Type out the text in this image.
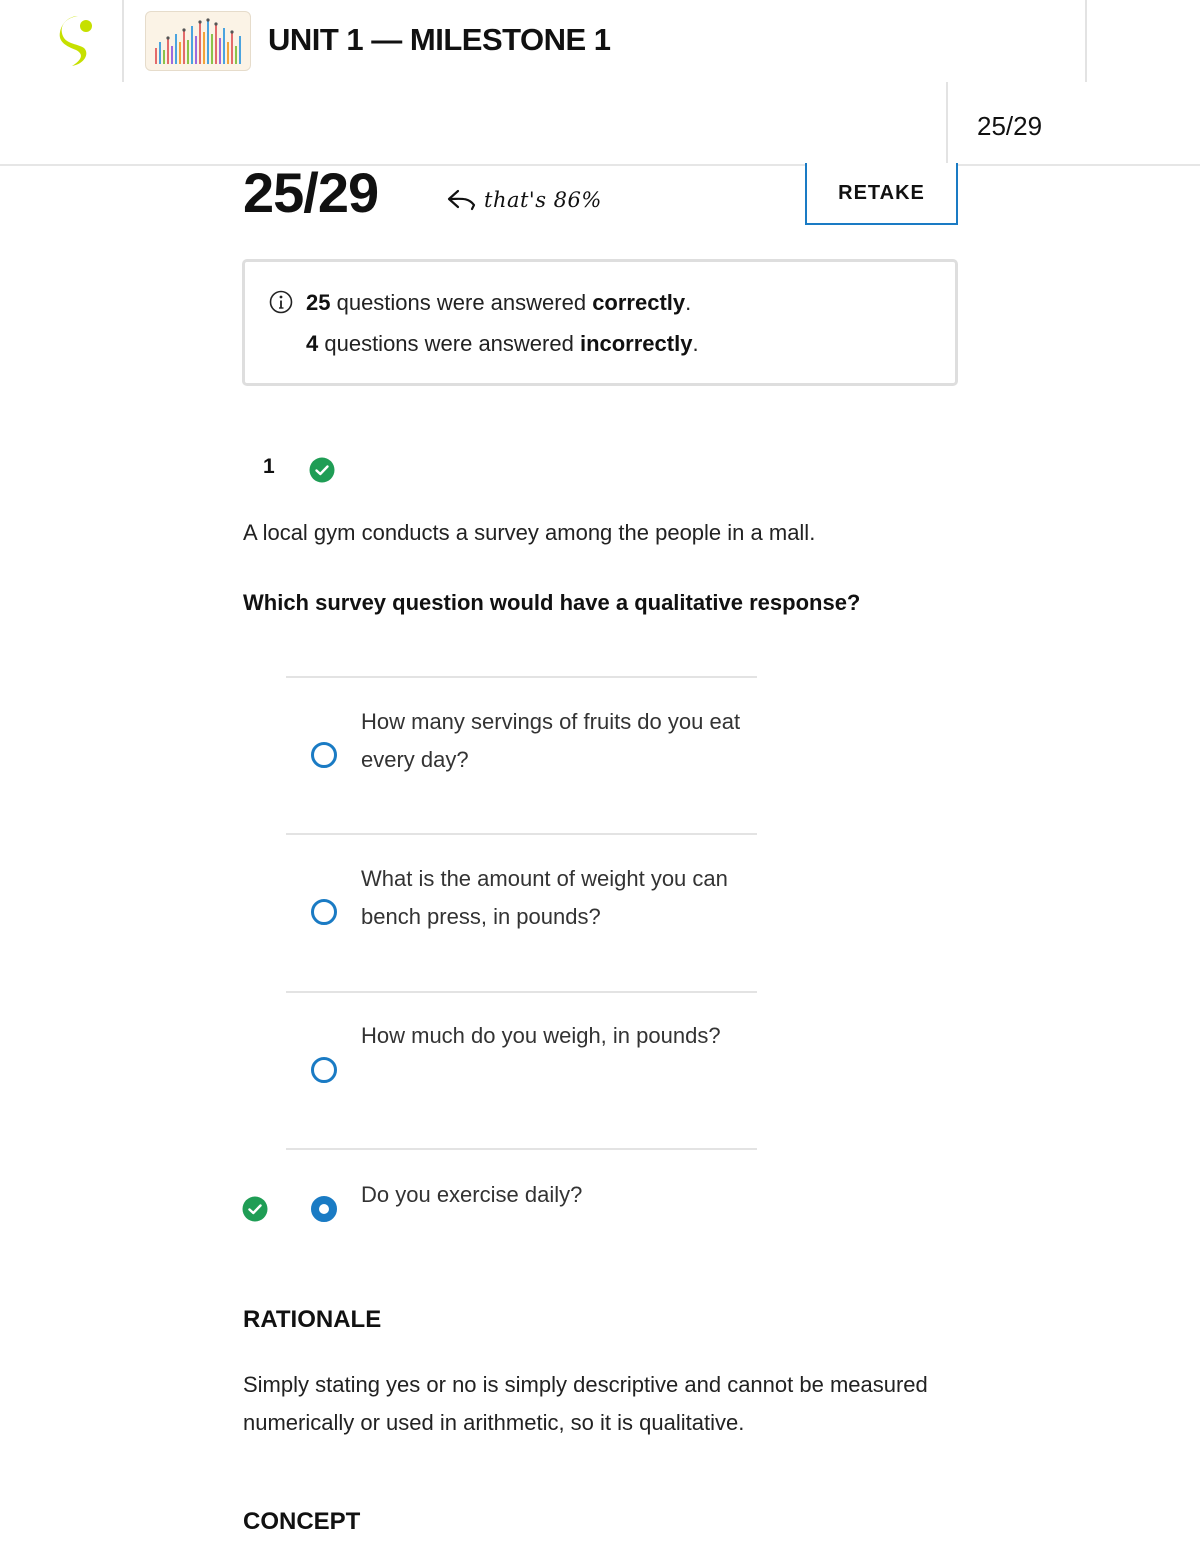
UNIT 1 — MILESTONE 1
25/29
25/29	that's 86%	RETAKE
25 questions were answered correctly.
4 questions were answered incorrectly.
1
A local gym conducts a survey among the people in a mall.
Which survey question would have a qualitative response?
How many servings of fruits do you eat every day?
What is the amount of weight you can bench press, in pounds?
How much do you weigh, in pounds?
Do you exercise daily?
RATIONALE
Simply stating yes or no is simply descriptive and cannot be measured numerically or used in arithmetic, so it is qualitative.
CONCEPT
